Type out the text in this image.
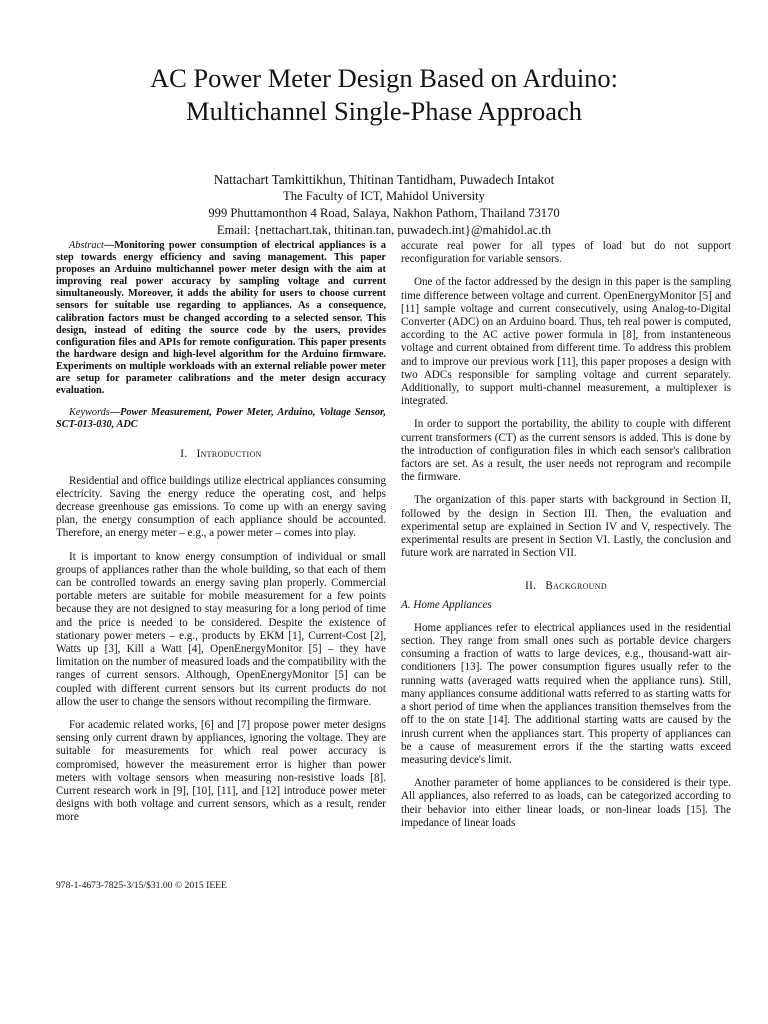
AC Power Meter Design Based on Arduino:
Multichannel Single-Phase Approach
Nattachart Tamkittikhun, Thitinan Tantidham, Puwadech Intakot
The Faculty of ICT, Mahidol University
999 Phuttamonthon 4 Road, Salaya, Nakhon Pathom, Thailand 73170
Email: {nettachart.tak, thitinan.tan, puwadech.int}@mahidol.ac.th

Abstract—Monitoring power consumption of electrical appliances is a step towards energy efficiency and saving management. This paper proposes an Arduino multichannel power meter design with the aim at improving real power accuracy by sampling voltage and current simultaneously. Moreover, it adds the ability for users to choose current sensors for suitable use regarding to appliances. As a consequence, calibration factors must be changed according to a selected sensor. This design, instead of editing the source code by the users, provides configuration files and APIs for remote configuration. This paper presents the hardware design and high-level algorithm for the Arduino firmware. Experiments on multiple workloads with an external reliable power meter are setup for parameter calibrations and the meter design accuracy evaluation.

Keywords—Power Measurement, Power Meter, Arduino, Voltage Sensor, SCT-013-030, ADC

I. Introduction

Residential and office buildings utilize electrical appliances consuming electricity. Saving the energy reduce the operating cost, and helps decrease greenhouse gas emissions. To come up with an energy saving plan, the energy consumption of each appliance should be accounted. Therefore, an energy meter – e.g., a power meter – comes into play.

It is important to know energy consumption of individual or small groups of appliances rather than the whole building, so that each of them can be controlled towards an energy saving plan properly. Commercial portable meters are suitable for mobile measurement for a few points because they are not designed to stay measuring for a long period of time and the price is needed to be considered. Despite the existence of stationary power meters – e.g., products by EKM [1], Current-Cost [2], Watts up [3], Kill a Watt [4], OpenEnergyMonitor [5] – they have limitation on the number of measured loads and the compatibility with the ranges of current sensors. Although, OpenEnergyMonitor [5] can be coupled with different current sensors but its current products do not allow the user to change the sensors without recompiling the firmware.

For academic related works, [6] and [7] propose power meter designs sensing only current drawn by appliances, ignoring the voltage. They are suitable for measurements for which real power accuracy is compromised, however the measurement error is higher than power meters with voltage sensors when measuring non-resistive loads [8]. Current research work in [9], [10], [11], and [12] introduce power meter designs with both voltage and current sensors, which as a result, render more

accurate real power for all types of load but do not support reconfiguration for variable sensors.

One of the factor addressed by the design in this paper is the sampling time difference between voltage and current. OpenEnergyMonitor [5] and [11] sample voltage and current consecutively, using Analog-to-Digital Converter (ADC) on an Arduino board. Thus, teh real power is computed, according to the AC active power formula in [8], from instanteneous voltage and current obtained from different time. To address this problem and to improve our previous work [11], this paper proposes a design with two ADCs responsible for sampling voltage and current separately. Additionally, to support multi-channel measurement, a multiplexer is integrated.

In order to support the portability, the ability to couple with different current transformers (CT) as the current sensors is added. This is done by the introduction of configuration files in which each sensor's calibration factors are set. As a result, the user needs not reprogram and recompile the firmware.

The organization of this paper starts with background in Section II, followed by the design in Section III. Then, the evaluation and experimental setup are explained in Section IV and V, respectively. The experimental results are present in Section VI. Lastly, the conclusion and future work are narrated in Section VII.

II. Background
A. Home Appliances

Home appliances refer to electrical appliances used in the residential section. They range from small ones such as portable device chargers consuming a fraction of watts to large devices, e.g., thousand-watt air-conditioners [13]. The power consumption figures usually refer to the running watts (averaged watts required when the appliance runs). Still, many appliances consume additional watts referred to as starting watts for a short period of time when the appliances transition themselves from the off to the on state [14]. The additional starting watts are caused by the inrush current when the appliances start. This property of appliances can be a cause of measurement errors if the the starting watts exceed measuring device's limit.

Another parameter of home appliances to be considered is their type. All appliances, also referred to as loads, can be categorized according to their behavior into either linear loads, or non-linear loads [15]. The impedance of linear loads

978-1-4673-7825-3/15/$31.00 © 2015 IEEE
